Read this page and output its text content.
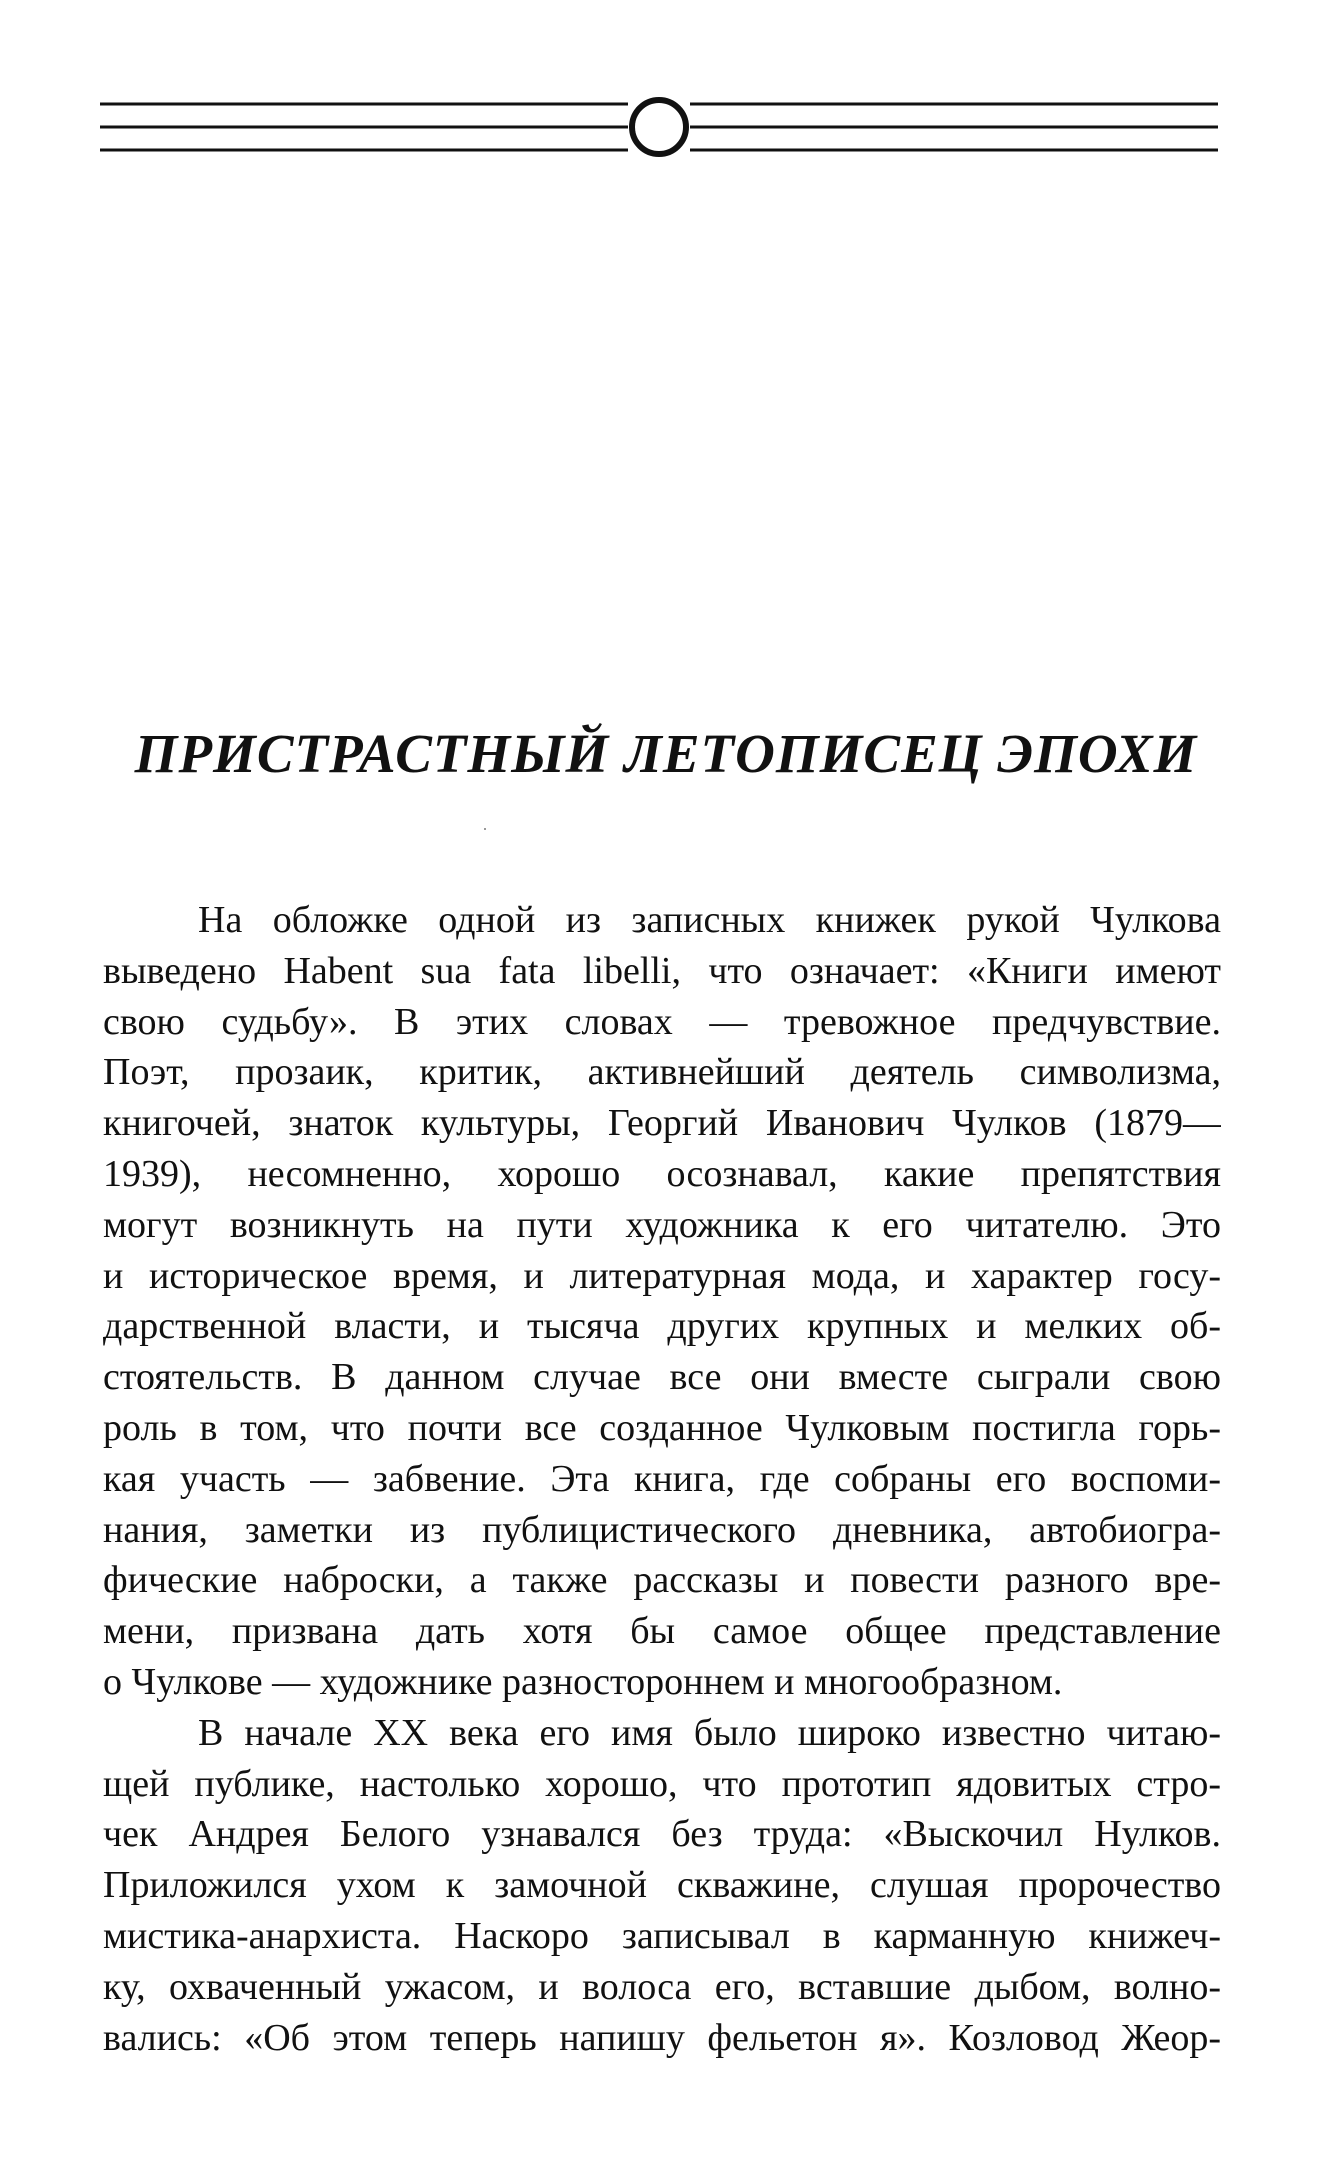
ПРИСТРАСТНЫЙ ЛЕТОПИСЕЦ ЭПОХИ
На обложке одной из записных книжек рукой Чулкова
выведено Habent sua fata libelli, что означает: «Книги имеют
свою судьбу». В этих словах — тревожное предчувствие.
Поэт, прозаик, критик, активнейший деятель символизма,
книгочей, знаток культуры, Георгий Иванович Чулков (1879—
1939), несомненно, хорошо осознавал, какие препятствия
могут возникнуть на пути художника к его читателю. Это
и историческое время, и литературная мода, и характер госу-
дарственной власти, и тысяча других крупных и мелких об-
стоятельств. В данном случае все они вместе сыграли свою
роль в том, что почти все созданное Чулковым постигла горь-
кая участь — забвение. Эта книга, где собраны его воспоми-
нания, заметки из публицистического дневника, автобиогра-
фические наброски, а также рассказы и повести разного вре-
мени, призвана дать хотя бы самое общее представление
о Чулкове — художнике разностороннем и многообразном.
В начале XX века его имя было широко известно читаю-
щей публике, настолько хорошо, что прототип ядовитых стро-
чек Андрея Белого узнавался без труда: «Выскочил Нулков.
Приложился ухом к замочной скважине, слушая пророчество
мистика-анархиста. Наскоро записывал в карманную книжеч-
ку, охваченный ужасом, и волоса его, вставшие дыбом, волно-
вались: «Об этом теперь напишу фельетон я». Козловод Жеор-
